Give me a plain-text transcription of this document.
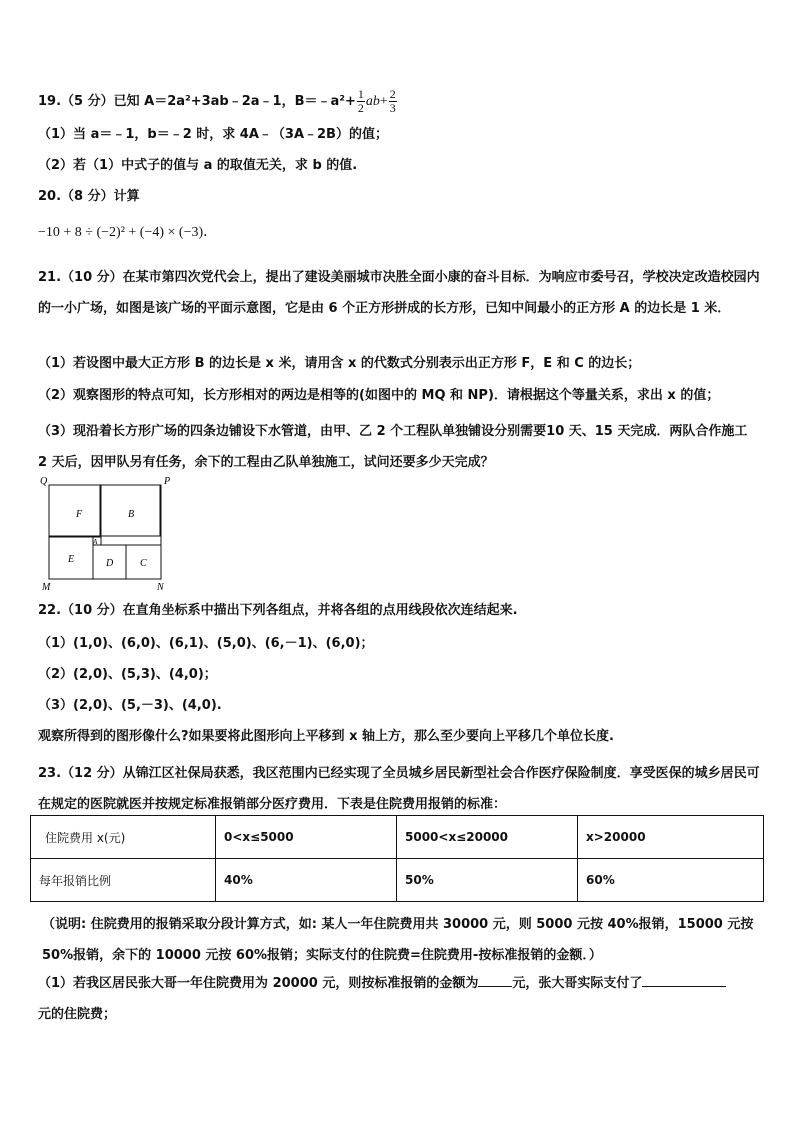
19.（5 分）已知 A＝2a²+3ab﹣2a﹣1，B＝﹣a²+ $\frac{1}{2} ab+ \frac{2}{3}$
（1）当 a＝﹣1，b＝﹣2 时，求 4A﹣（3A﹣2B）的值；
（2）若（1）中式子的值与 a 的取值无关，求 b 的值.
20.（8 分）计算
−10 + 8 ÷ (−2)² + (−4) × (−3)．
21.（10 分）在某市第四次党代会上，提出了建设美丽城市决胜全面小康的奋斗目标．为响应市委号召，学校决定改造校园内的一小广场，如图是该广场的平面示意图，它是由 6 个正方形拼成的长方形，已知中间最小的正方形 A 的边长是 1 米．
（1）若设图中最大正方形 B 的边长是 x 米，请用含 x 的代数式分别表示出正方形 F，E 和 C 的边长；
（2）观察图形的特点可知，长方形相对的两边是相等的(如图中的 MQ 和 NP)．请根据这个等量关系，求出 x 的值；
（3）现沿着长方形广场的四条边铺设下水管道，由甲、乙 2 个工程队单独铺设分别需要10 天、15 天完成．两队合作施工 2 天后，因甲队另有任务，余下的工程由乙队单独施工，试问还要多少天完成？
Q	P
M	N
F	B
A
E	D	C
22.（10 分）在直角坐标系中描出下列各组点，并将各组的点用线段依次连结起来.
（1）(1,0)、(6,0)、(6,1)、(5,0)、(6,－1)、(6,0)；
（2）(2,0)、(5,3)、(4,0)；
（3）(2,0)、(5,－3)、(4,0).
观察所得到的图形像什么?如果要将此图形向上平移到 x 轴上方，那么至少要向上平移几个单位长度.
23.（12 分）从锦江区社保局获悉，我区范围内已经实现了全员城乡居民新型社会合作医疗保险制度．享受医保的城乡居民可在规定的医院就医并按规定标准报销部分医疗费用．下表是住院费用报销的标准：
住院费用 x(元)	0<x≤5000	5000<x≤20000	x>20000
每年报销比例	40%	50%	60%
（说明: 住院费用的报销采取分段计算方式，如: 某人一年住院费用共 30000 元，则 5000 元按 40%报销，15000 元按 50%报销，余下的 10000 元按 60%报销；实际支付的住院费=住院费用-按标准报销的金额．）
（1）若我区居民张大哥一年住院费用为 20000 元，则按标准报销的金额为	元，张大哥实际支付了
元的住院费；
